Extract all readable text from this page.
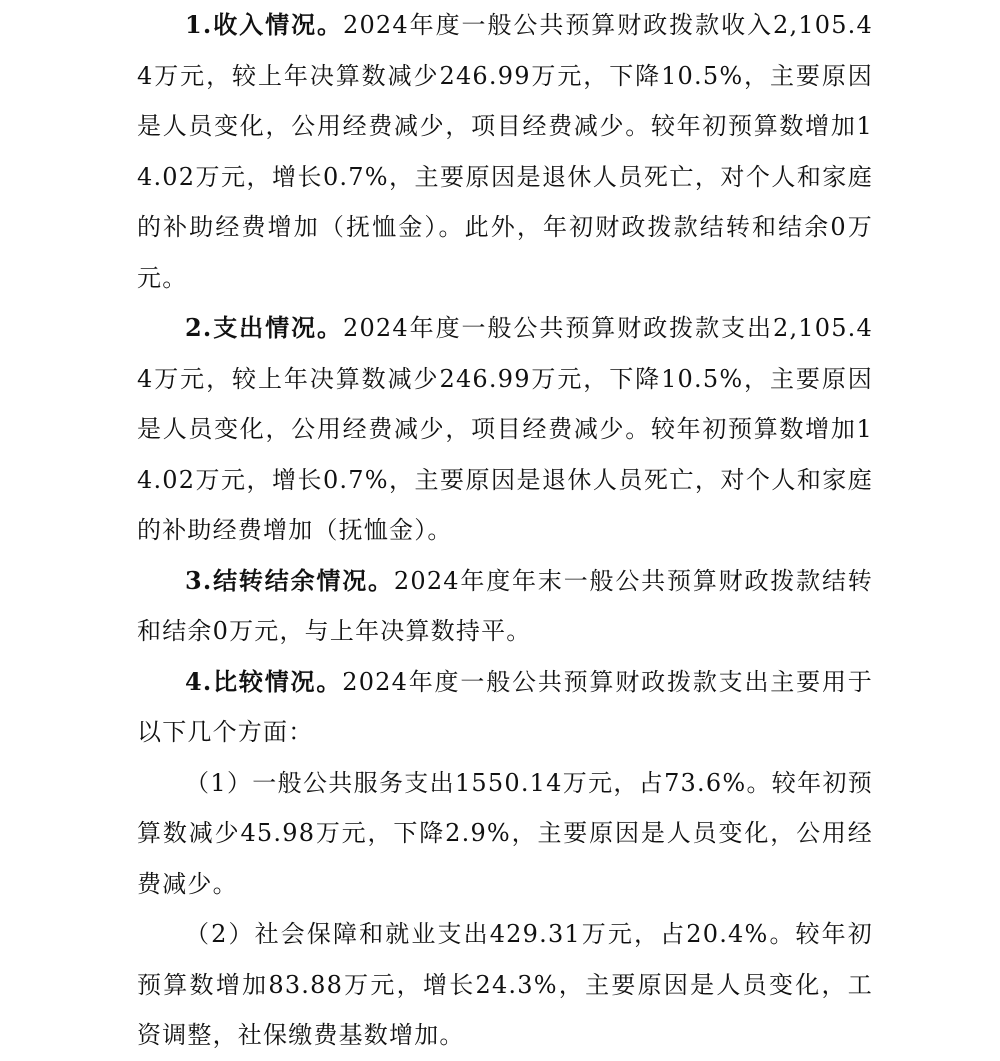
1.收入情况。2024年度一般公共预算财政拨款收入2,105.44万元，较上年决算数减少246.99万元，下降10.5%，主要原因是人员变化，公用经费减少，项目经费减少。较年初预算数增加14.02万元，增长0.7%，主要原因是退休人员死亡，对个人和家庭的补助经费增加（抚恤金）。此外，年初财政拨款结转和结余0万元。

2.支出情况。2024年度一般公共预算财政拨款支出2,105.44万元，较上年决算数减少246.99万元，下降10.5%，主要原因是人员变化，公用经费减少，项目经费减少。较年初预算数增加14.02万元，增长0.7%，主要原因是退休人员死亡，对个人和家庭的补助经费增加（抚恤金）。

3.结转结余情况。2024年度年末一般公共预算财政拨款结转和结余0万元，与上年决算数持平。

4.比较情况。2024年度一般公共预算财政拨款支出主要用于以下几个方面：

（1）一般公共服务支出1550.14万元，占73.6%。较年初预算数减少45.98万元，下降2.9%，主要原因是人员变化，公用经费减少。

（2）社会保障和就业支出429.31万元，占20.4%。较年初预算数增加83.88万元，增长24.3%，主要原因是人员变化，工资调整，社保缴费基数增加。
